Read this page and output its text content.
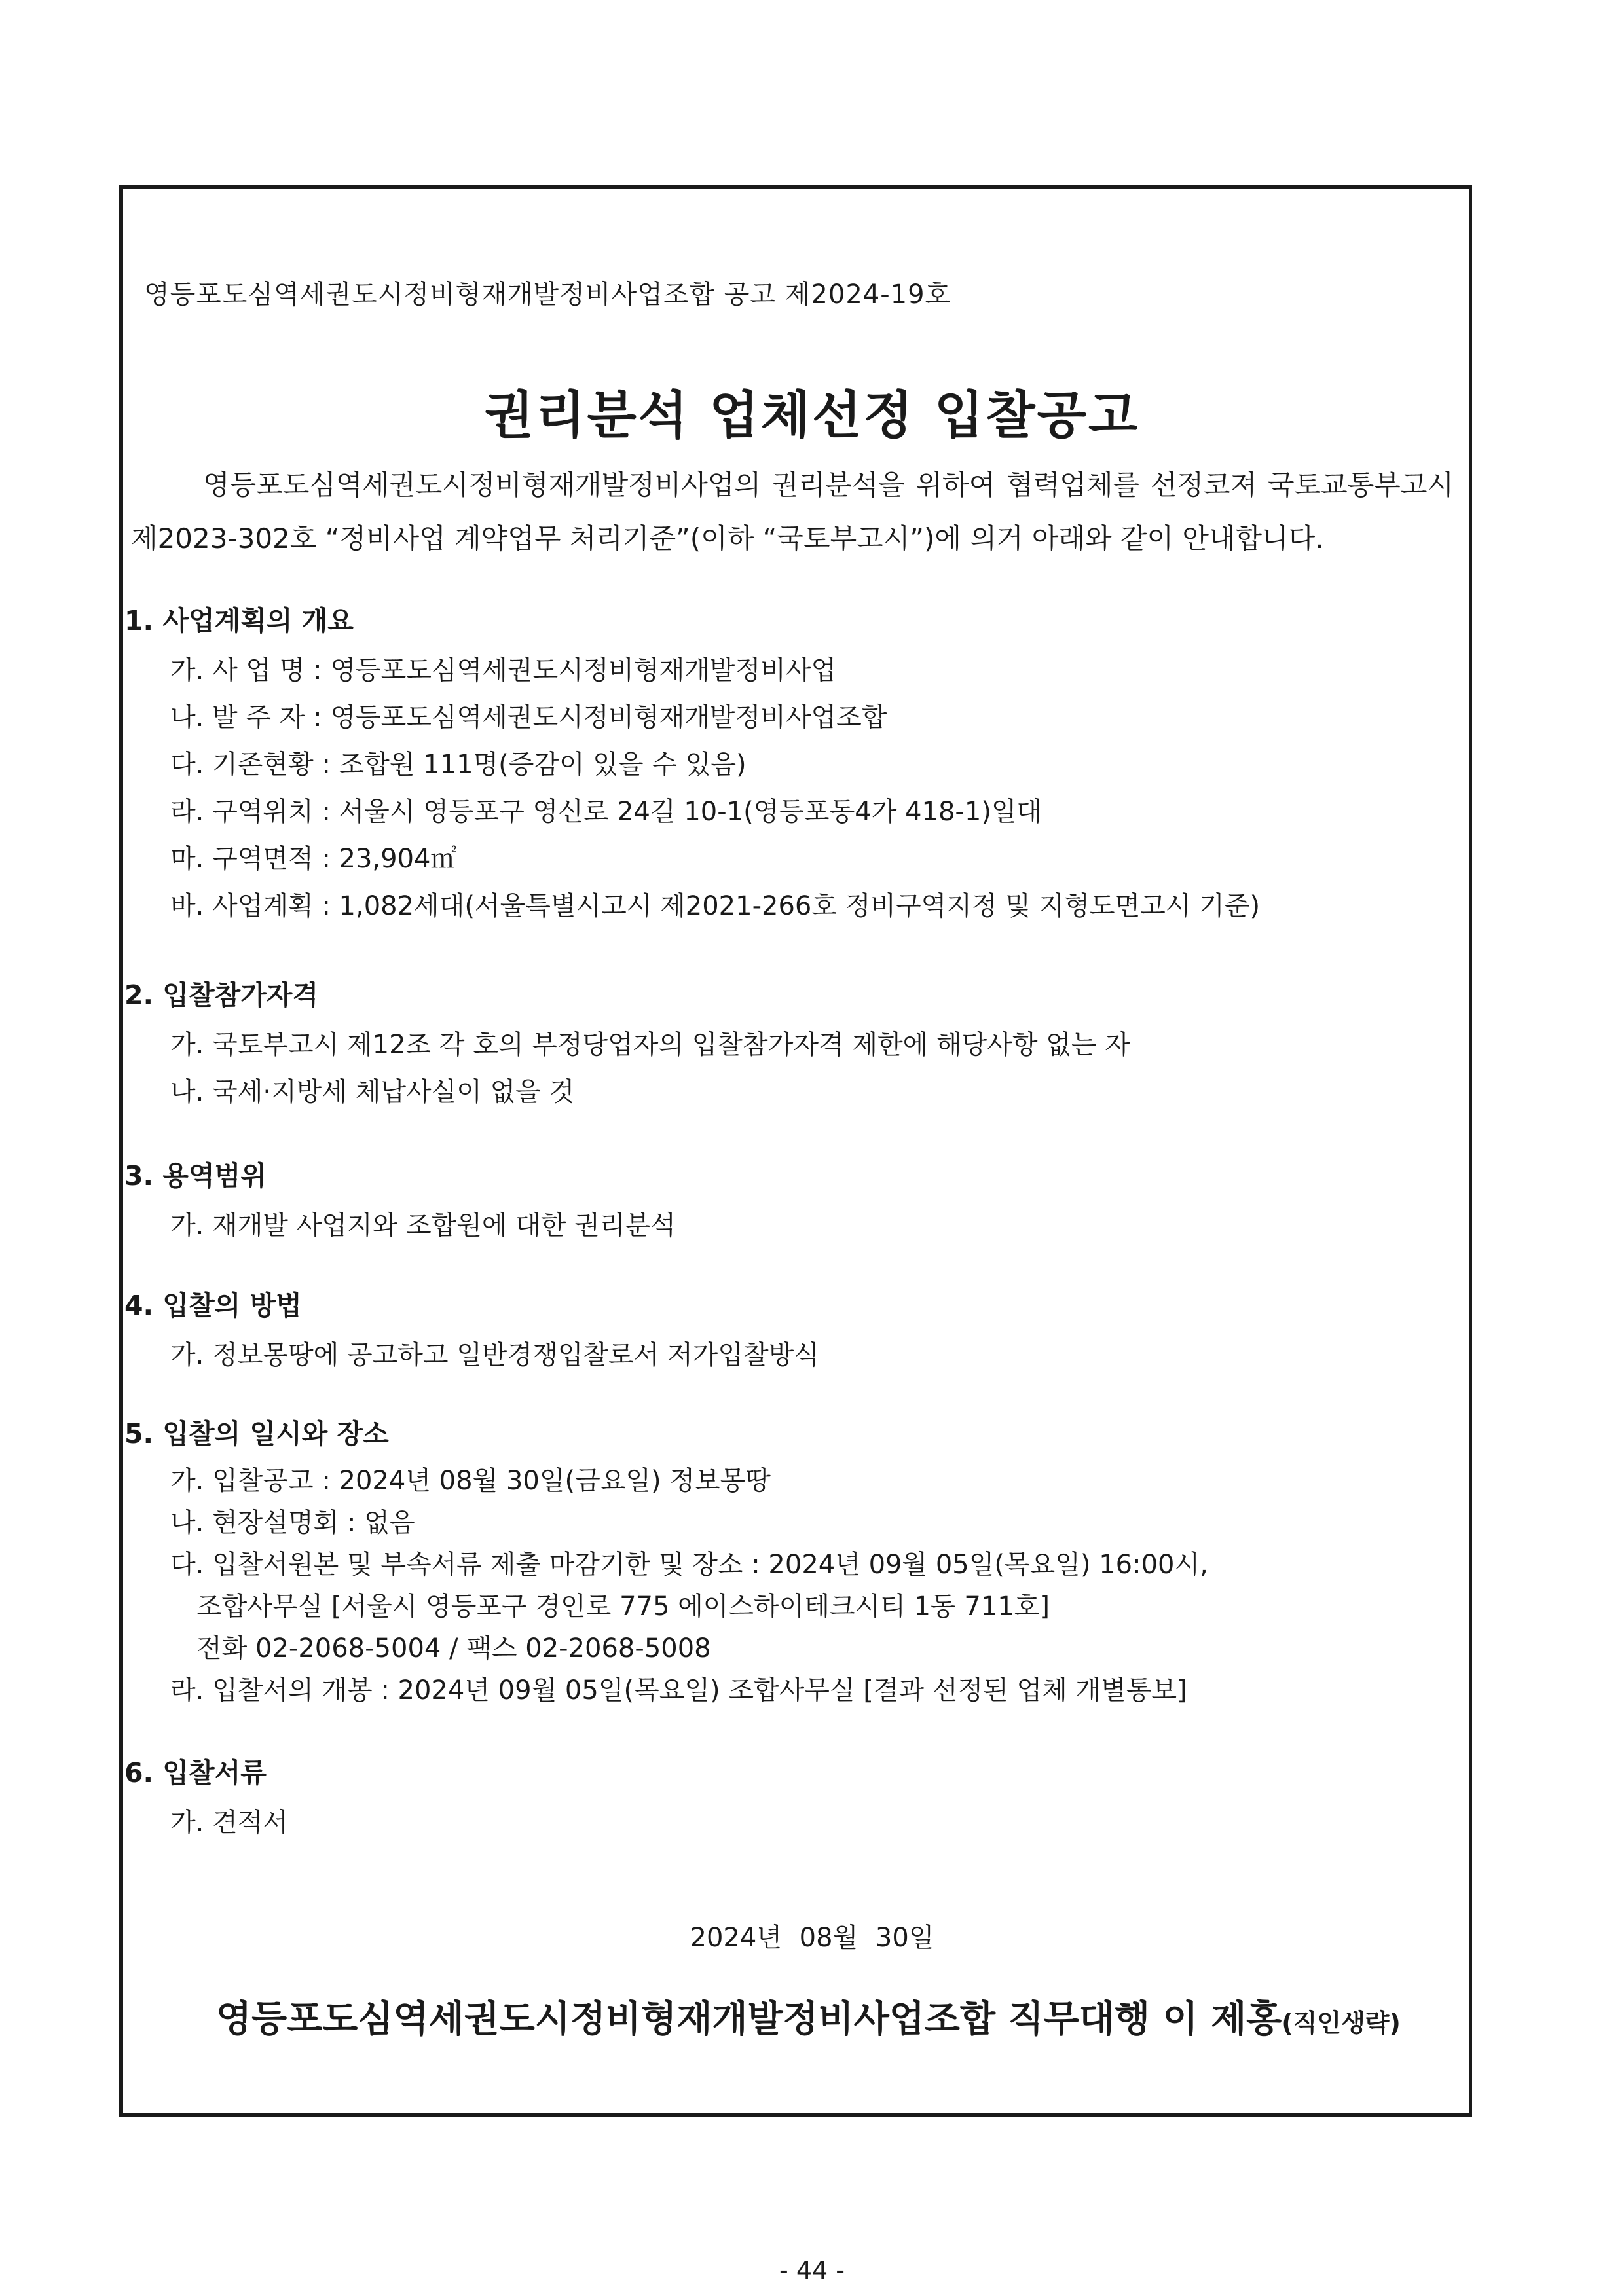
영등포도심역세권도시정비형재개발정비사업조합 공고 제2024-19호
권리분석 업체선정 입찰공고
영등포도심역세권도시정비형재개발정비사업의 권리분석을 위하여 협력업체를 선정코져 국토교통부고시 제2023-302호 “정비사업 계약업무 처리기준”(이하 “국토부고시”)에 의거 아래와 같이 안내합니다.
1. 사업계획의 개요
가. 사 업 명 : 영등포도심역세권도시정비형재개발정비사업
나. 발 주 자 : 영등포도심역세권도시정비형재개발정비사업조합
다. 기존현황 : 조합원 111명(증감이 있을 수 있음)
라. 구역위치 : 서울시 영등포구 영신로 24길 10-1(영등포동4가 418-1)일대
마. 구역면적 : 23,904㎡
바. 사업계획 : 1,082세대(서울특별시고시 제2021-266호 정비구역지정 및 지형도면고시 기준)
2. 입찰참가자격
가. 국토부고시 제12조 각 호의 부정당업자의 입찰참가자격 제한에 해당사항 없는 자
나. 국세·지방세 체납사실이 없을 것
3. 용역범위
가. 재개발 사업지와 조합원에 대한 권리분석
4. 입찰의 방법
가. 정보몽땅에 공고하고 일반경쟁입찰로서 저가입찰방식
5. 입찰의 일시와 장소
가. 입찰공고 : 2024년 08월 30일(금요일) 정보몽땅
나. 현장설명회 : 없음
다. 입찰서원본 및 부속서류 제출 마감기한 및 장소 : 2024년 09월 05일(목요일) 16:00시,
조합사무실 [서울시 영등포구 경인로 775 에이스하이테크시티 1동 711호]
전화 02-2068-5004 / 팩스 02-2068-5008
라. 입찰서의 개봉 : 2024년 09월 05일(목요일) 조합사무실 [결과 선정된 업체 개별통보]
6. 입찰서류
가. 견적서
2024년 08월 30일
영등포도심역세권도시정비형재개발정비사업조합 직무대행 이 제홍(직인생략)
- 44 -
